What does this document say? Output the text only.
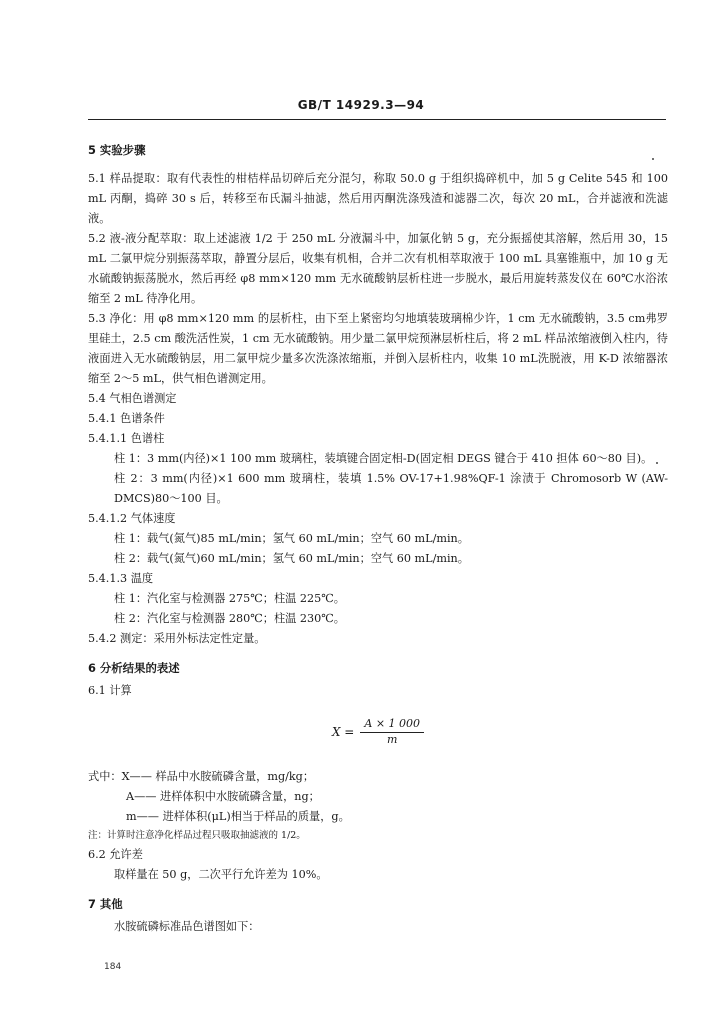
GB/T 14929.3—94

5 实验步骤

5.1 样品提取：取有代表性的柑桔样品切碎后充分混匀，称取 50.0 g 于组织捣碎机中，加 5 g Celite 545 和 100 mL 丙酮，捣碎 30 s 后，转移至布氏漏斗抽滤，然后用丙酮洗涤残渣和滤器二次，每次 20 mL，合并滤液和洗滤液。

5.2 液-液分配萃取：取上述滤液 1/2 于 250 mL 分液漏斗中，加氯化钠 5 g，充分振摇使其溶解，然后用 30，15 mL 二氯甲烷分别振荡萃取，静置分层后，收集有机相，合并二次有机相萃取液于 100 mL 具塞锥瓶中，加 10 g 无水硫酸钠振荡脱水，然后再经 φ8 mm×120 mm 无水硫酸钠层析柱进一步脱水，最后用旋转蒸发仪在 60℃水浴浓缩至 2 mL 待净化用。

5.3 净化：用 φ8 mm×120 mm 的层析柱，由下至上紧密均匀地填装玻璃棉少许，1 cm 无水硫酸钠，3.5 cm弗罗里硅土，2.5 cm 酸洗活性炭，1 cm 无水硫酸钠。用少量二氯甲烷预淋层析柱后，将 2 mL 样品浓缩液倒入柱内，待液面进入无水硫酸钠层，用二氯甲烷少量多次洗涤浓缩瓶，并倒入层析柱内，收集 10 mL洗脱液，用 K-D 浓缩器浓缩至 2～5 mL，供气相色谱测定用。

5.4 气相色谱测定

5.4.1 色谱条件

5.4.1.1 色谱柱

柱 1：3 mm(内径)×1 100 mm 玻璃柱，装填键合固定相-D(固定相 DEGS 键合于 410 担体 60～80 目)。

柱 2：3 mm(内径)×1 600 mm 玻璃柱，装填 1.5% OV-17+1.98%QF-1 涂渍于 Chromosorb W (AW-DMCS)80～100 目。

5.4.1.2 气体速度

柱 1：载气(氮气)85 mL/min；氢气 60 mL/min；空气 60 mL/min。

柱 2：载气(氮气)60 mL/min；氢气 60 mL/min；空气 60 mL/min。

5.4.1.3 温度

柱 1：汽化室与检测器 275℃；柱温 225℃。

柱 2：汽化室与检测器 280℃；柱温 230℃。

5.4.2 测定：采用外标法定性定量。

6 分析结果的表述

6.1 计算

$X = \frac{A \times 1 000}{m}$

式中：X—— 样品中水胺硫磷含量，mg/kg；

A—— 进样体积中水胺硫磷含量，ng；

m—— 进样体积(μL)相当于样品的质量，g。

注：计算时注意净化样品过程只吸取抽滤液的 1/2。

6.2 允许差

取样量在 50 g，二次平行允许差为 10%。

7 其他

水胺硫磷标准品色谱图如下：

184
